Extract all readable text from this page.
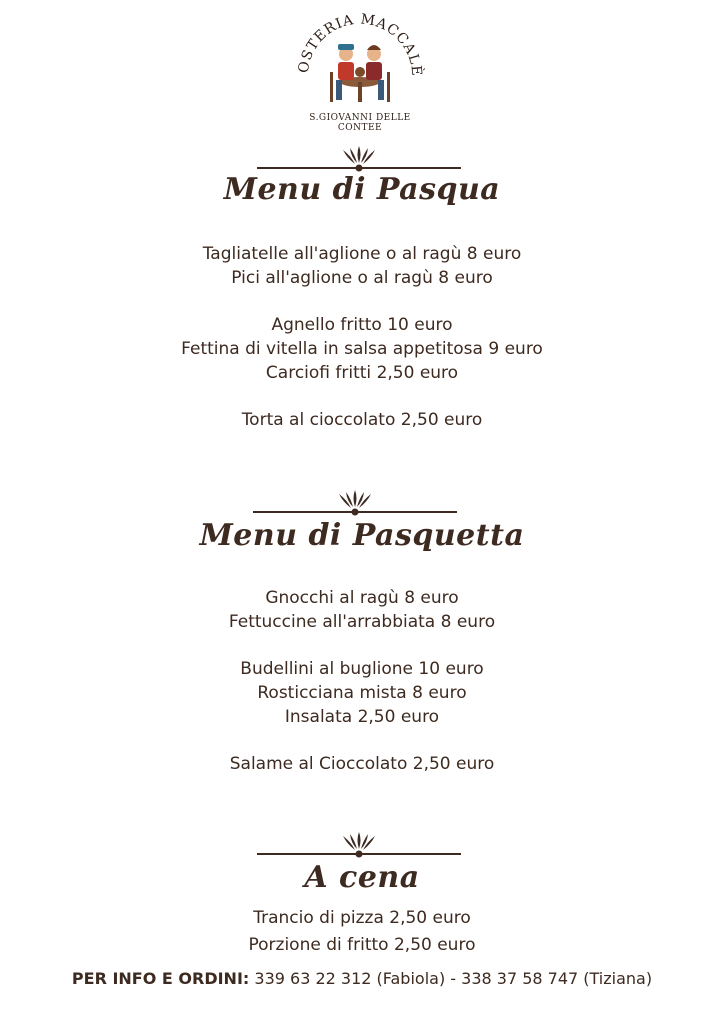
OSTERIA MACCALÈ
S.GIOVANNI DELLE CONTEE
Menu di Pasqua
Tagliatelle all'aglione o al ragù 8 euro
Pici all'aglione o al ragù 8 euro
Agnello fritto 10 euro
Fettina di vitella in salsa appetitosa 9 euro
Carciofi fritti 2,50 euro
Torta al cioccolato 2,50 euro
Menu di Pasquetta
Gnocchi al ragù 8 euro
Fettuccine all'arrabbiata 8 euro
Budellini al buglione 10 euro
Rosticciana mista 8 euro
Insalata 2,50 euro
Salame al Cioccolato 2,50 euro
A cena
Trancio di pizza 2,50 euro
Porzione di fritto 2,50 euro
PER INFO E ORDINI: 339 63 22 312 (Fabiola) - 338 37 58 747 (Tiziana)
